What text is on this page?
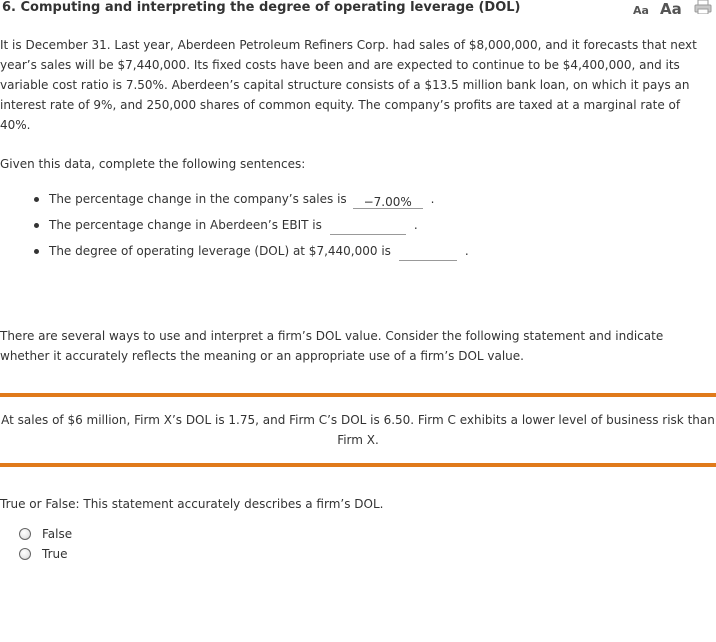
6. Computing and interpreting the degree of operating leverage (DOL)	Aa Aa

It is December 31. Last year, Aberdeen Petroleum Refiners Corp. had sales of $8,000,000, and it forecasts that next year’s sales will be $7,440,000. Its fixed costs have been and are expected to continue to be $4,400,000, and its variable cost ratio is 7.50%. Aberdeen’s capital structure consists of a $13.5 million bank loan, on which it pays an interest rate of 9%, and 250,000 shares of common equity. The company’s profits are taxed at a marginal rate of 40%.

Given this data, complete the following sentences:

The percentage change in the company’s sales is −7.00% .
The percentage change in Aberdeen’s EBIT is	.
The degree of operating leverage (DOL) at $7,440,000 is	.

There are several ways to use and interpret a firm’s DOL value. Consider the following statement and indicate whether it accurately reflects the meaning or an appropriate use of a firm’s DOL value.

At sales of $6 million, Firm X’s DOL is 1.75, and Firm C’s DOL is 6.50. Firm C exhibits a lower level of business risk than Firm X.

True or False: This statement accurately describes a firm’s DOL.

False
True
